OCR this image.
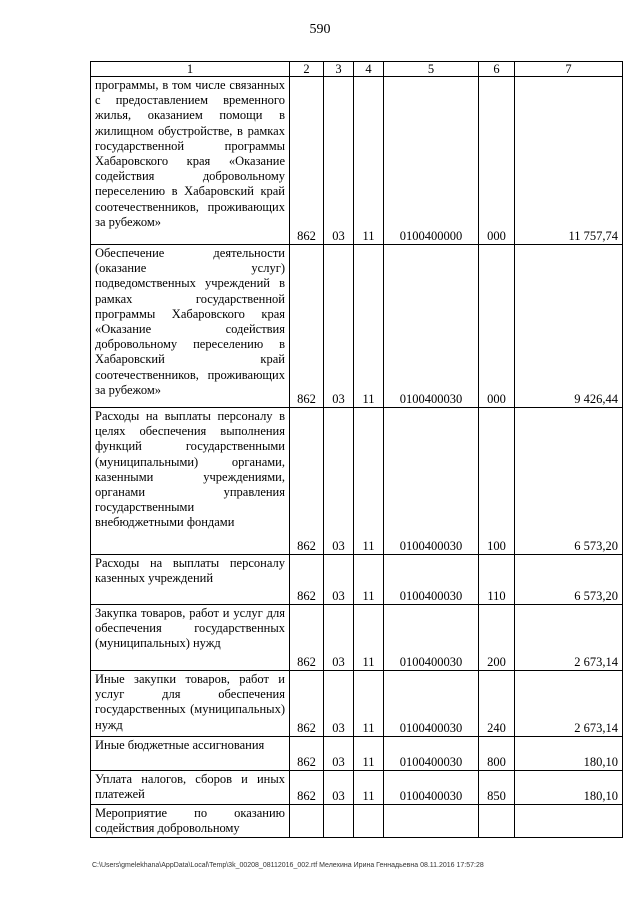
590
1	2	3	4	5	6	7
программы, в том числе связанных с предоставлением временного жилья, оказанием помощи в жилищном обустройстве, в рамках государственной программы Хабаровского края «Оказание содействия добровольному переселению в Хабаровский край соотечественников, проживающих за рубежом»	862	03	11	0100400000	000	11 757,74
Обеспечение деятельности (оказание услуг) подведомственных учреждений в рамках государственной программы Хабаровского края «Оказание содействия добровольному переселению в Хабаровский край соотечественников, проживающих за рубежом»	862	03	11	0100400030	000	9 426,44
Расходы на выплаты персоналу в целях обеспечения выполнения функций государственными (муниципальными) органами, казенными учреждениями, органами управления государственными внебюджетными фондами	862	03	11	0100400030	100	6 573,20
Расходы на выплаты персоналу казенных учреждений	862	03	11	0100400030	110	6 573,20
Закупка товаров, работ и услуг для обеспечения государственных (муниципальных) нужд	862	03	11	0100400030	200	2 673,14
Иные закупки товаров, работ и услуг для обеспечения государственных (муниципальных) нужд	862	03	11	0100400030	240	2 673,14
Иные бюджетные ассигнования	862	03	11	0100400030	800	180,10
Уплата налогов, сборов и иных платежей	862	03	11	0100400030	850	180,10
Мероприятие по оказанию содействия добровольному						
C:\Users\gmelekhana\AppData\Local\Temp\3k_00208_08112016_002.rtf Мелехина Ирина Геннадьевна 08.11.2016 17:57:28
